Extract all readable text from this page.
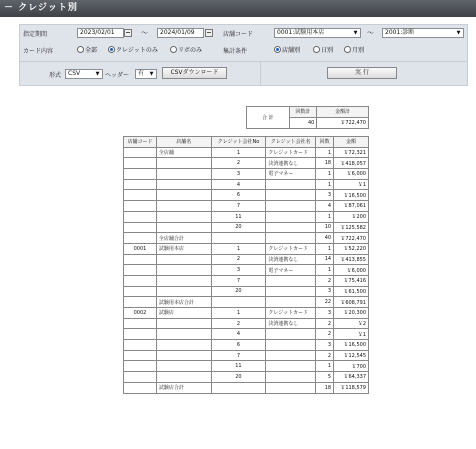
－ クレジット別
指定期間	2023/02/01	～	2024/01/09	店舗コード	0001:試験用本店	▼ ～	2001:診断	▼
カード内容	全部	クレジットのみ	リボのみ	集計条件	店舗別	日別	月別
形式	CSV	▼ ヘッダー	有	▼	CSVダウンロード	実 行
合 計	回数計	金額計
	40	￥722,470
店舗コード	店舗名	クレジット会社No	クレジット会社名	回数	金額
	全店舗	1	クレジットカード	1	￥72,321
		2	決済連携なし	18	￥418,057
		3	電子マネー	1	￥6,000
		4		1	￥1
		6		3	￥16,500
		7		4	￥87,061
		11		1	￥200
		20		10	￥125,582
	全店舗合計			40	￥722,470
0001	試験用本店	1	クレジットカード	1	￥52,220
		2	決済連携なし	14	￥413,855
		3	電子マネー	1	￥6,000
		7		2	￥75,416
		20		3	￥61,500
	試験用本店合計			22	￥608,791
0002	試験店	1	クレジットカード	3	￥20,300
		2	決済連携なし	2	￥2
		4		2	￥1
		6		3	￥16,500
		7		2	￥12,545
		11		1	￥700
		20		5	￥64,337
	試験店合計			18	￥118,579
